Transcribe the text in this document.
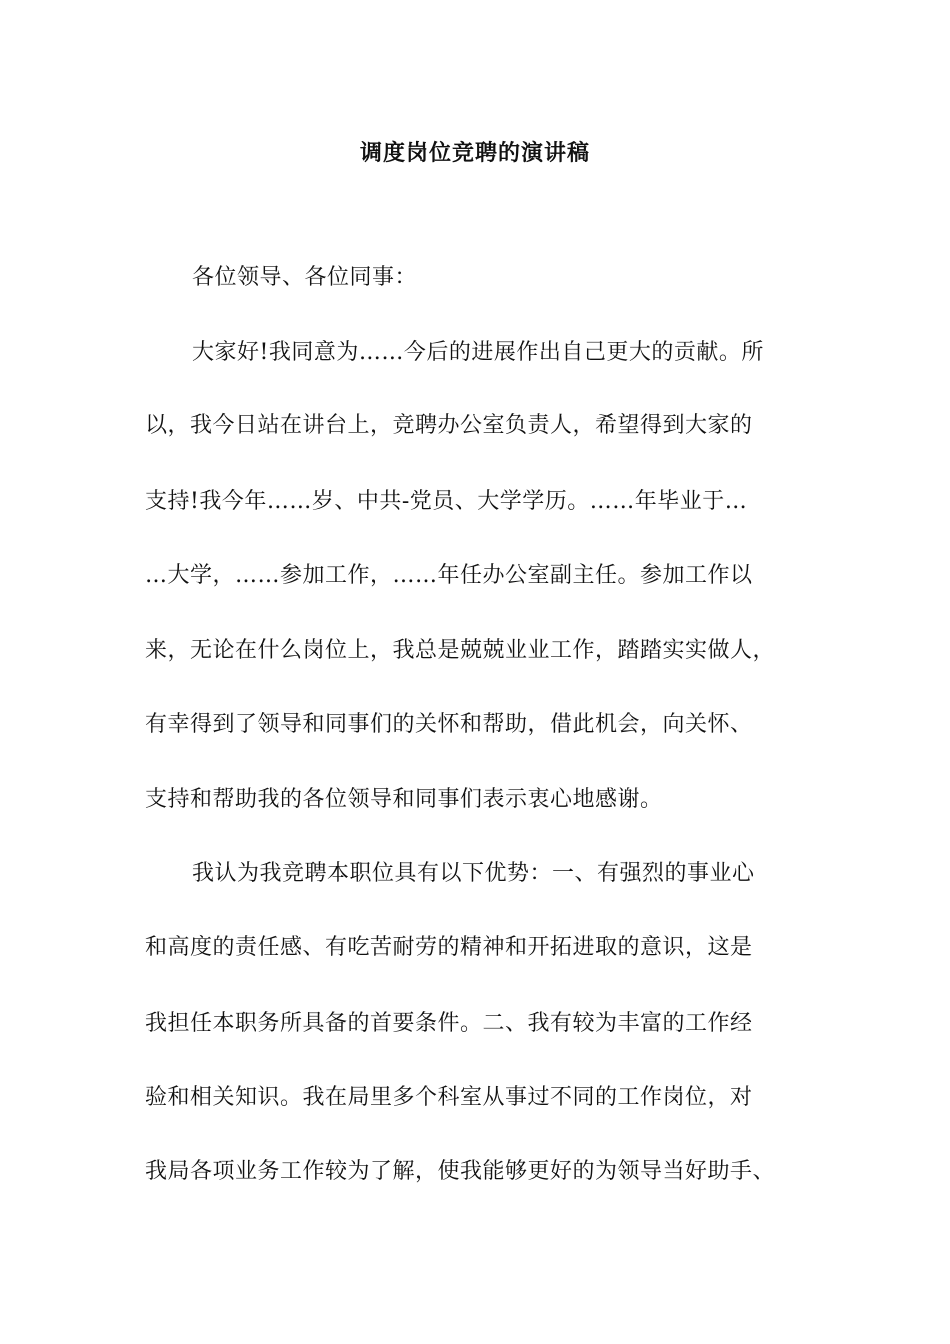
调度岗位竞聘的演讲稿
各位领导、各位同事：
大家好!我同意为……今后的进展作出自己更大的贡献。所
以，我今日站在讲台上，竞聘办公室负责人，希望得到大家的
支持!我今年……岁、中共-党员、大学学历。……年毕业于…
…大学，……参加工作，……年任办公室副主任。参加工作以
来，无论在什么岗位上，我总是兢兢业业工作，踏踏实实做人，
有幸得到了领导和同事们的关怀和帮助，借此机会，向关怀、
支持和帮助我的各位领导和同事们表示衷心地感谢。
我认为我竞聘本职位具有以下优势：一、有强烈的事业心
和高度的责任感、有吃苦耐劳的精神和开拓进取的意识，这是
我担任本职务所具备的首要条件。二、我有较为丰富的工作经
验和相关知识。我在局里多个科室从事过不同的工作岗位，对
我局各项业务工作较为了解，使我能够更好的为领导当好助手、
